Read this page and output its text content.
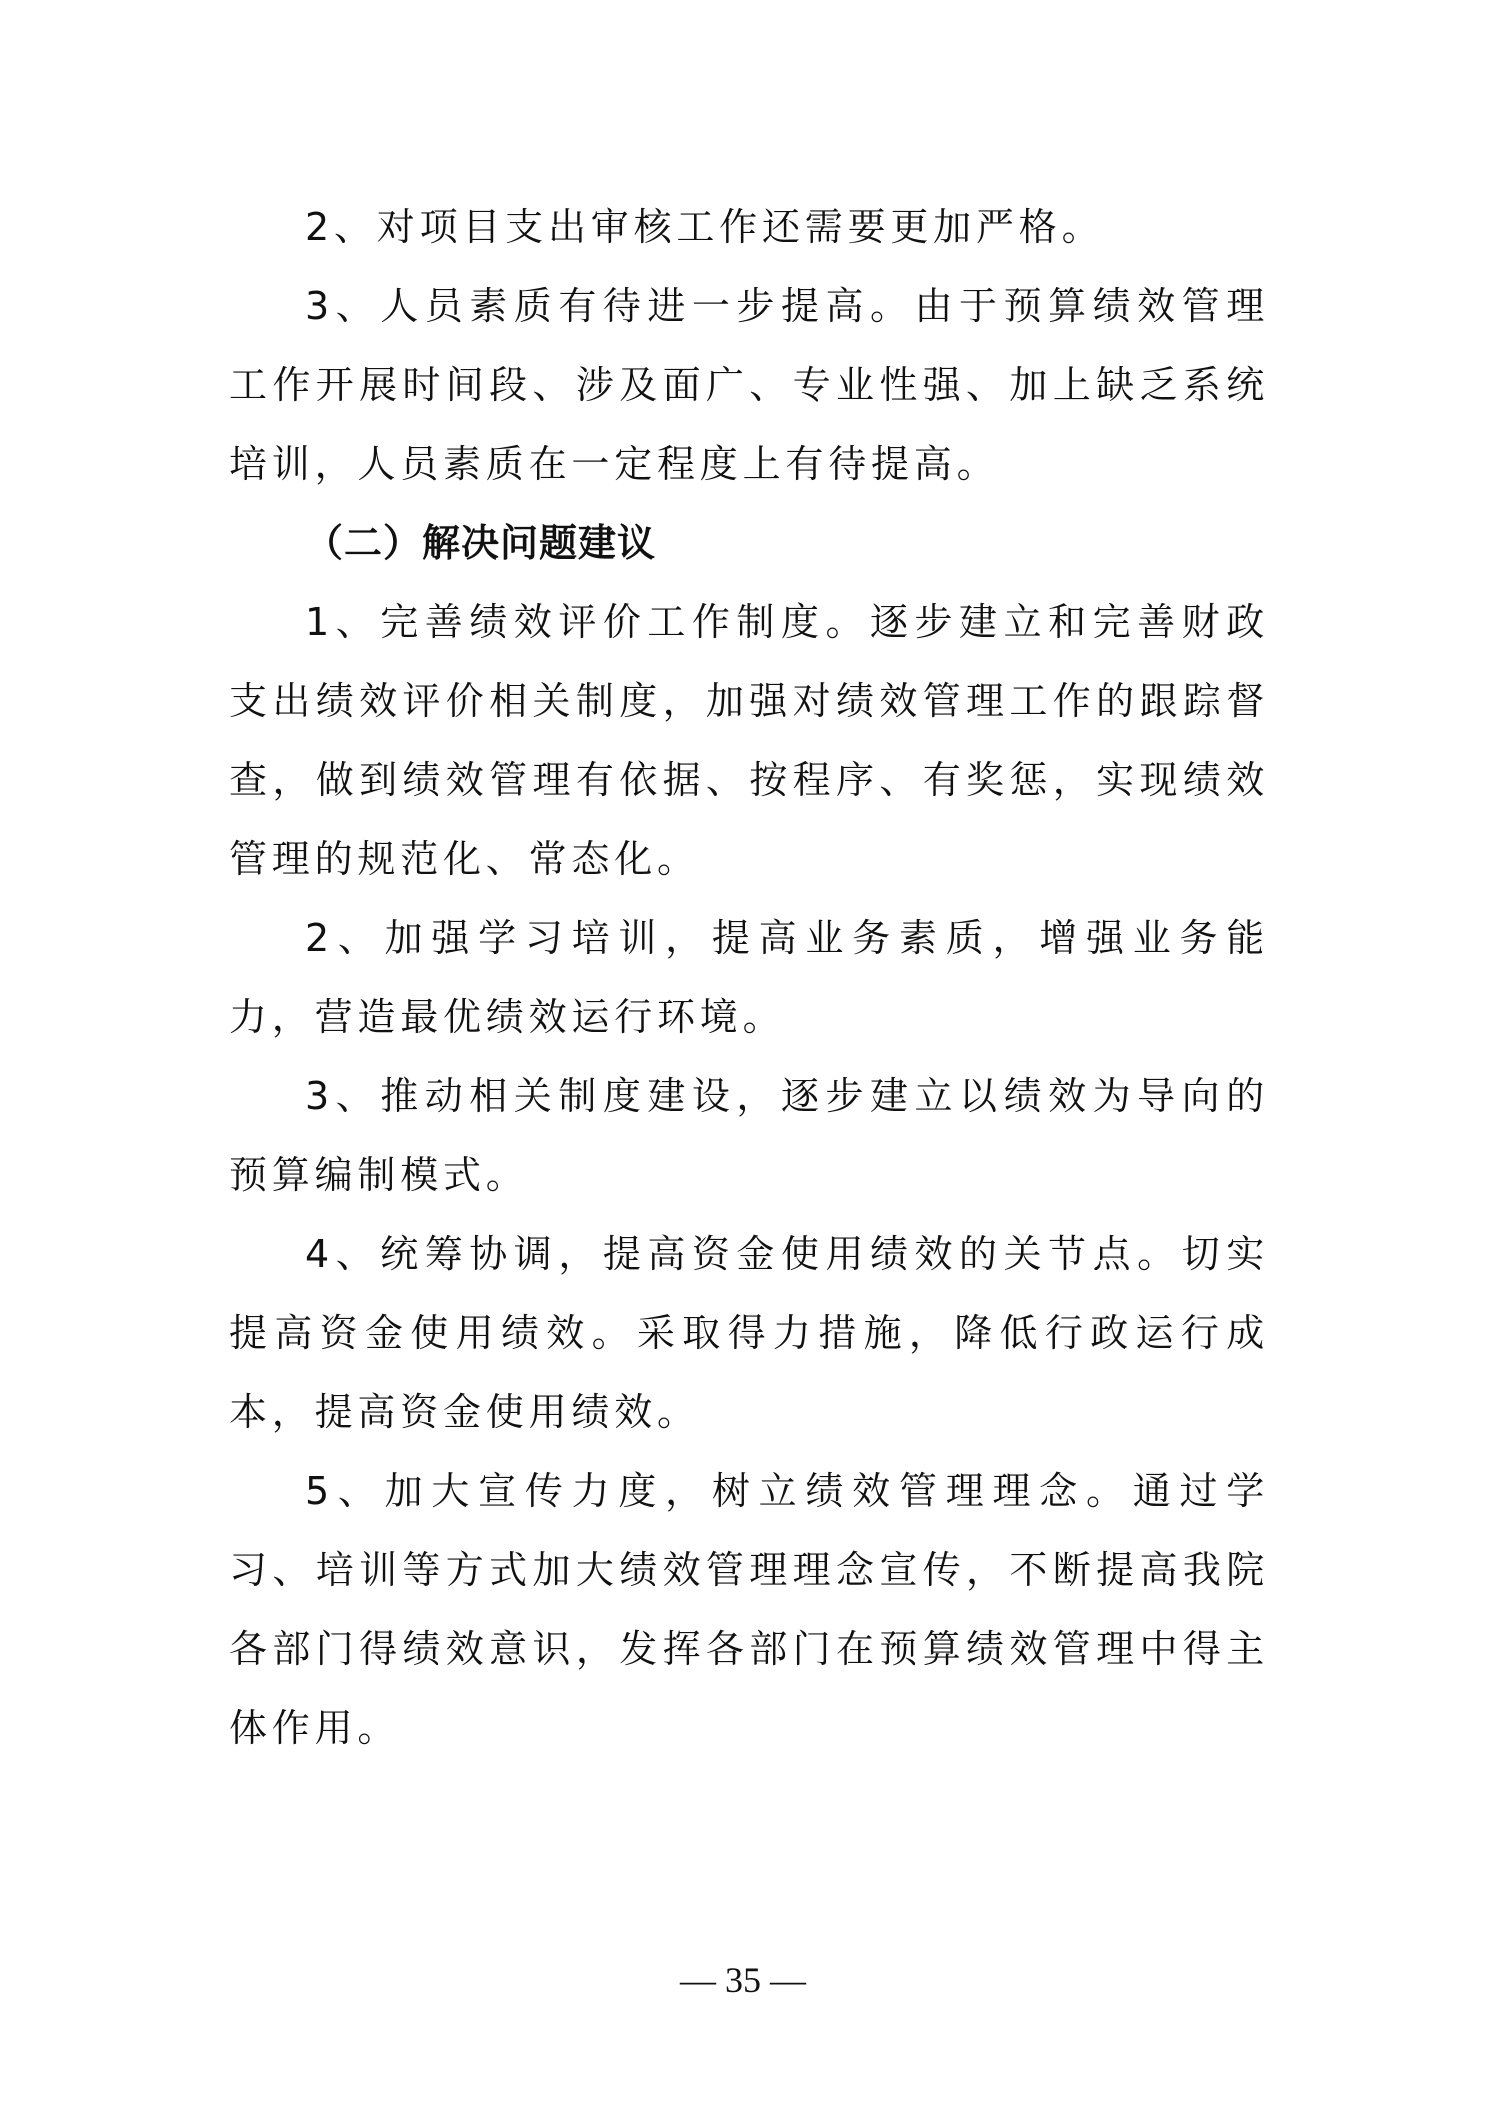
2、对项目支出审核工作还需要更加严格。

3、人员素质有待进一步提高。由于预算绩效管理工作开展时间段、涉及面广、专业性强、加上缺乏系统培训，人员素质在一定程度上有待提高。

（二）解决问题建议

1、完善绩效评价工作制度。逐步建立和完善财政支出绩效评价相关制度，加强对绩效管理工作的跟踪督查，做到绩效管理有依据、按程序、有奖惩，实现绩效管理的规范化、常态化。

2、加强学习培训，提高业务素质，增强业务能力，营造最优绩效运行环境。

3、推动相关制度建设，逐步建立以绩效为导向的预算编制模式。

4、统筹协调，提高资金使用绩效的关节点。切实提高资金使用绩效。采取得力措施，降低行政运行成本，提高资金使用绩效。

5、加大宣传力度，树立绩效管理理念。通过学习、培训等方式加大绩效管理理念宣传，不断提高我院各部门得绩效意识，发挥各部门在预算绩效管理中得主体作用。

— 35 —
